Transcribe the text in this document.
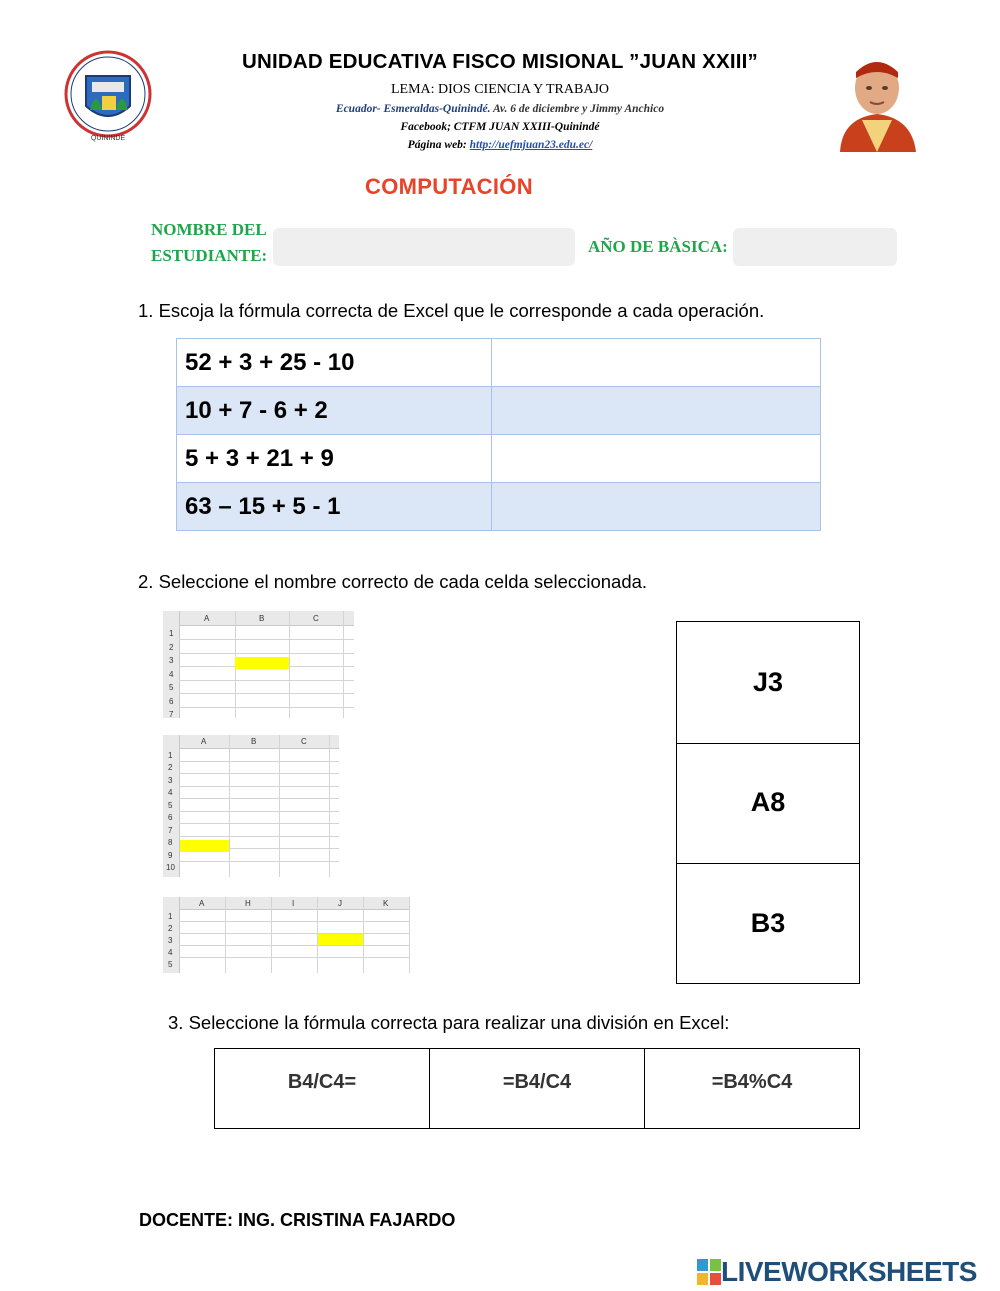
QUININDÉ
UNIDAD EDUCATIVA FISCO MISIONAL ”JUAN XXIII”
LEMA: DIOS CIENCIA Y TRABAJO
Ecuador- Esmeraldas-Quinindé. Av. 6 de diciembre y Jimmy Anchico
Facebook; CTFM JUAN XXIII-Quinindé
Página web: http://uefmjuan23.edu.ec/
COMPUTACIÓN
NOMBRE DEL
ESTUDIANTE:	AÑO DE BÀSICA:
1. Escoja la fórmula correcta de Excel que le corresponde a cada operación.
52 + 3 + 25 - 10	
10 + 7 - 6 + 2	
5 + 3 + 21 + 9	
63 – 15 + 5 - 1	
2. Seleccione el nombre correcto de cada celda seleccionada.
A	B	C
1
2
3
4
5
6
7
A	B	C
1
2
3
4
5
6
7
8
9
10
A	H	I	J	K
1
2
3
4
5
J3
A8
B3
3. Seleccione la fórmula correcta para realizar una división en Excel:
B4/C4=	=B4/C4	=B4%C4
DOCENTE: ING. CRISTINA FAJARDO
LIVEWORKSHEETS
